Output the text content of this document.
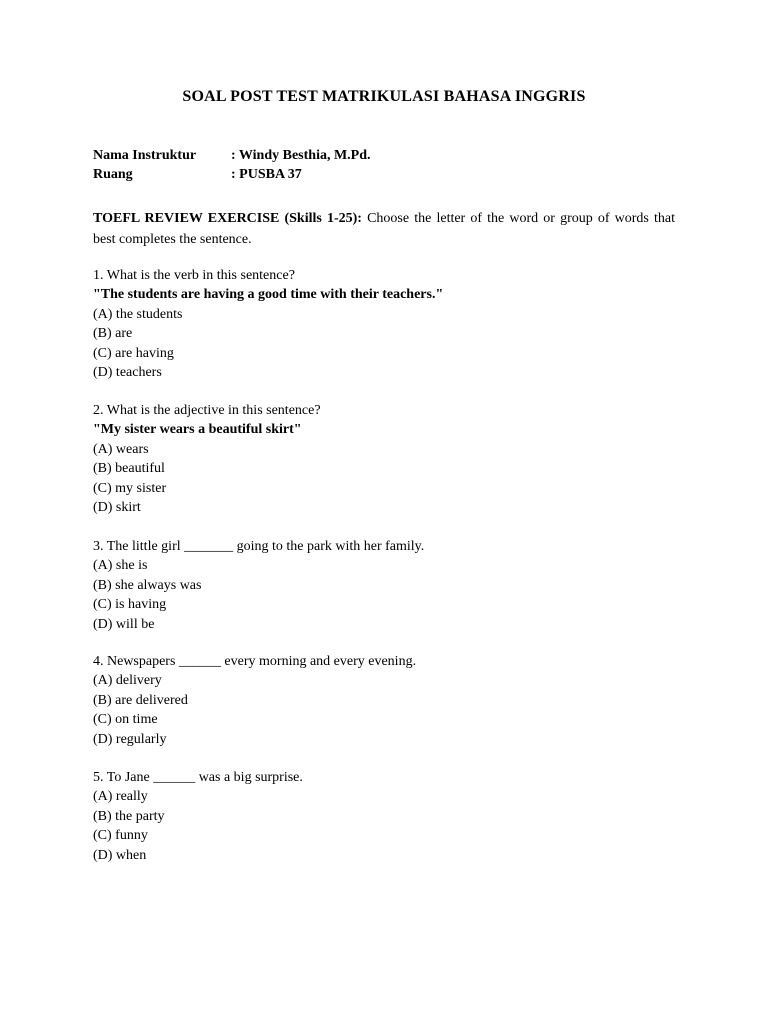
SOAL POST TEST MATRIKULASI BAHASA INGGRIS
Nama Instruktur : Windy Besthia, M.Pd.
Ruang	: PUSBA 37
TOEFL REVIEW EXERCISE (Skills 1-25): Choose the letter of the word or group of words that best completes the sentence.
1. What is the verb in this sentence?
"The students are having a good time with their teachers."
(A) the students
(B) are
(C) are having
(D) teachers
2. What is the adjective in this sentence?
"My sister wears a beautiful skirt"
(A) wears
(B) beautiful
(C) my sister
(D) skirt
3. The little girl _______ going to the park with her family.
(A) she is
(B) she always was
(C) is having
(D) will be
4. Newspapers ______ every morning and every evening.
(A) delivery
(B) are delivered
(C) on time
(D) regularly
5. To Jane ______ was a big surprise.
(A) really
(B) the party
(C) funny
(D) when
